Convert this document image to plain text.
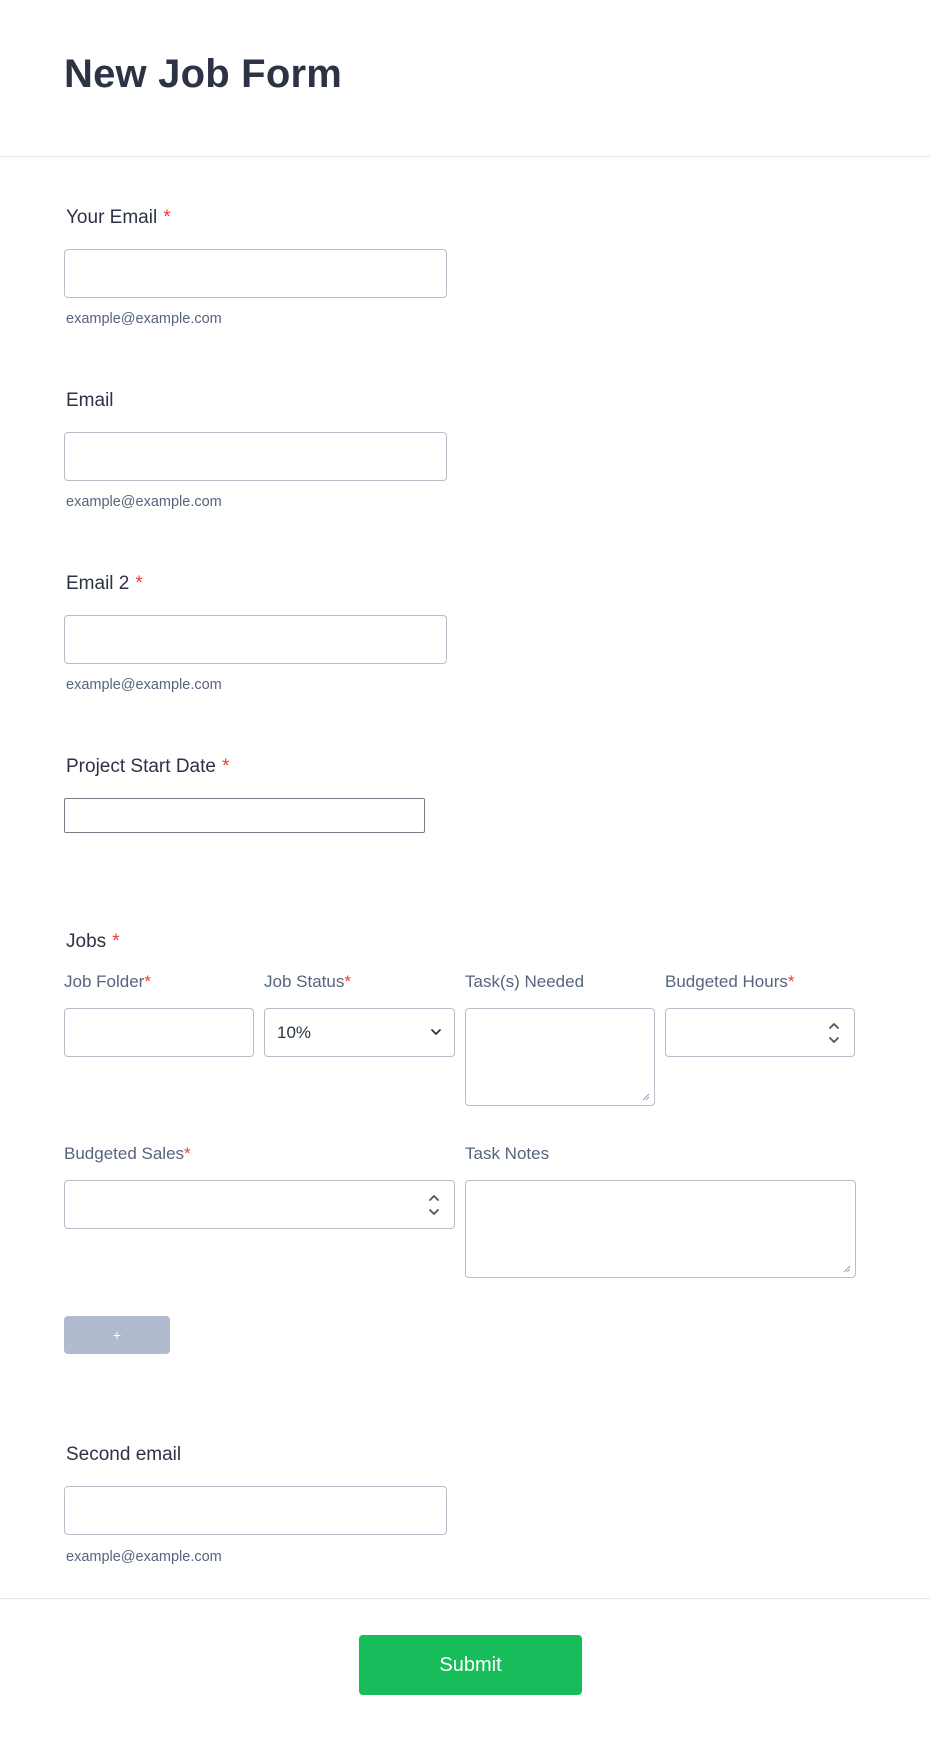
New Job Form
Your Email *
example@example.com
Email
example@example.com
Email 2 *
example@example.com
Project Start Date *
Jobs *
Job Folder*	Job Status*	Task(s) Needed	Budgeted Hours*
10%
Budgeted Sales*	Task Notes
+
Second email
example@example.com
Submit
